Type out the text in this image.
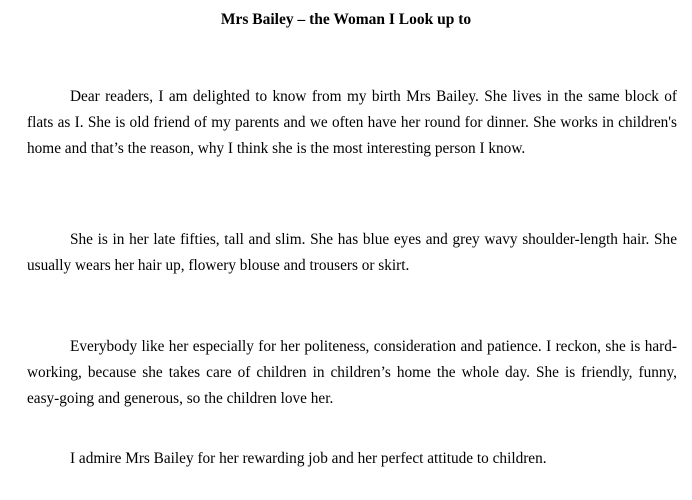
Mrs Bailey – the Woman I Look up to

Dear readers, I am delighted to know from my birth Mrs Bailey. She lives in the same block of flats as I. She is old friend of my parents and we often have her round for dinner. She works in children's home and that’s the reason, why I think she is the most interesting person I know.

She is in her late fifties, tall and slim. She has blue eyes and grey wavy shoulder-length hair. She usually wears her hair up, flowery blouse and trousers or skirt.

Everybody like her especially for her politeness, consideration and patience. I reckon, she is hard-working, because she takes care of children in children’s home the whole day. She is friendly, funny, easy-going and generous, so the children love her.

I admire Mrs Bailey for her rewarding job and her perfect attitude to children.
